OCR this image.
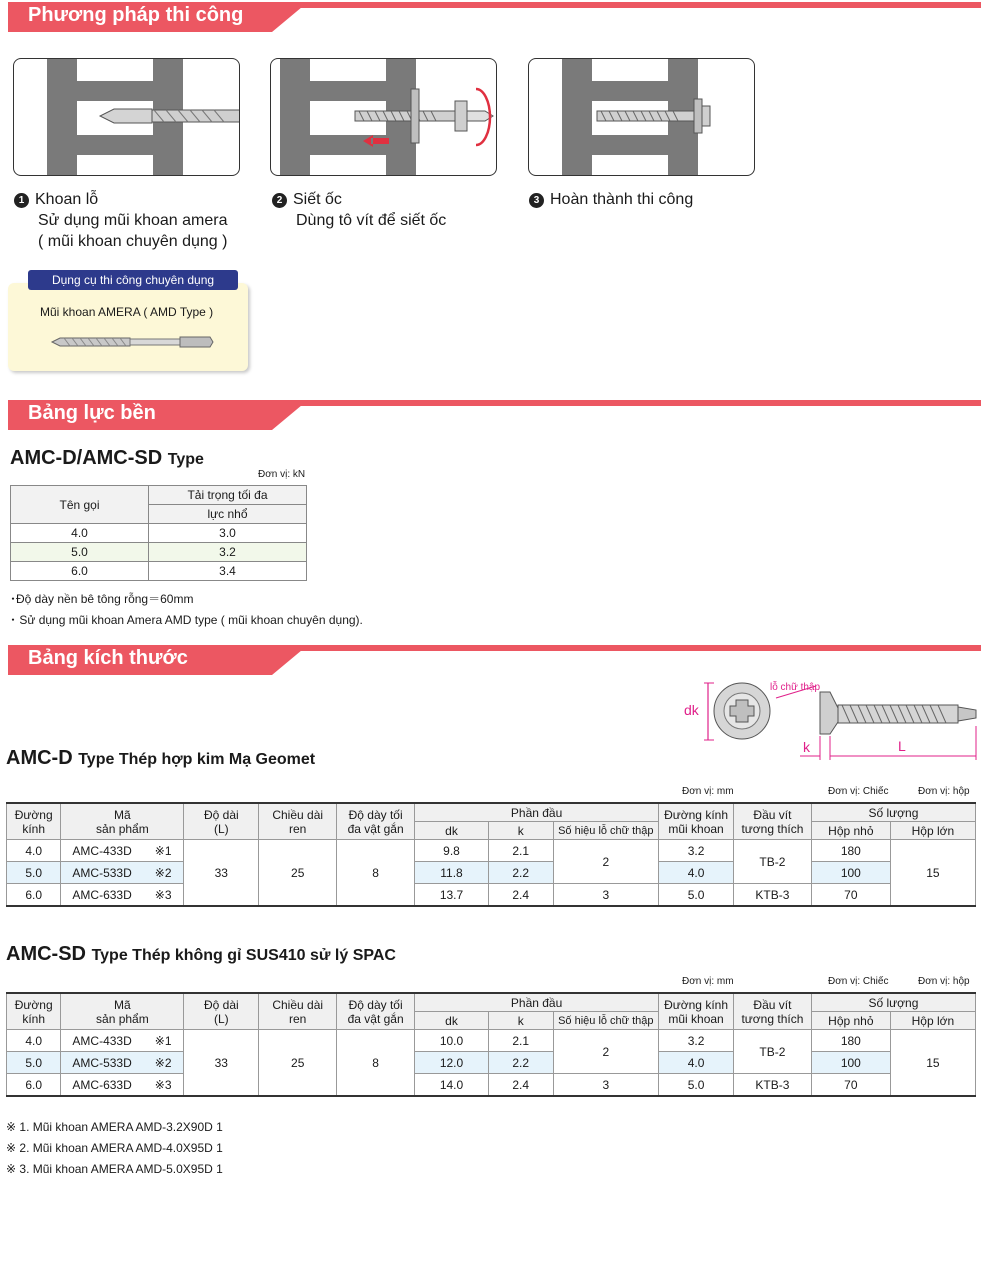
Phương pháp thi công
1 Khoan lỗ
Sử dụng mũi khoan amera
( mũi khoan chuyên dụng )
2 Siết ốc
Dùng tô vít để siết ốc
3 Hoàn thành thi công
Dụng cụ thi công chuyên dụng
Mũi khoan AMERA ( AMD Type )
Bảng lực bền
AMC-D/AMC-SD Type
Đơn vị: kN
Tên gọi	Tải trọng tối đa
	lực nhổ
4.0	3.0
5.0	3.2
6.0	3.4
･Độ dày nền bê tông rỗng＝60mm
･ Sử dụng mũi khoan Amera AMD type ( mũi khoan chuyên dụng).
Bảng kích thước
dk
lỗ chữ thập
k	L
AMC-D Type Thép hợp kim Mạ Geomet
Đơn vị: mm	Đơn vị: Chiếc	Đơn vị: hộp
Đường
kính	Mã
sản phẩm		Độ dài
(L)	Chiều dài
ren	Độ dày tối
đa vật gắn	Phần đầu			Đường kính
mũi khoan	Đầu vít
tương thích	Số lượng	
						dk	k	Số hiệu lỗ chữ thập			Hộp nhỏ	Hộp lớn
4.0	AMC-433D	※1	33	25	8	9.8	2.1	2	3.2	TB-2	180	15
5.0	AMC-533D	※2				11.8	2.2		4.0		100	
6.0	AMC-633D	※3				13.7	2.4	3	5.0	KTB-3	70	
AMC-SD Type Thép không gỉ SUS410 sử lý SPAC
Đơn vị: mm	Đơn vị: Chiếc	Đơn vị: hộp
Đường
kính	Mã
sản phẩm		Độ dài
(L)	Chiều dài
ren	Độ dày tối
đa vật gắn	Phần đầu			Đường kính
mũi khoan	Đầu vít
tương thích	Số lượng	
						dk	k	Số hiệu lỗ chữ thập			Hộp nhỏ	Hộp lớn
4.0	AMC-433D	※1	33	25	8	10.0	2.1	2	3.2	TB-2	180	15
5.0	AMC-533D	※2				12.0	2.2		4.0		100	
6.0	AMC-633D	※3				14.0	2.4	3	5.0	KTB-3	70	
※ 1. Mũi khoan AMERA AMD-3.2X90D 1
※ 2. Mũi khoan AMERA AMD-4.0X95D 1
※ 3. Mũi khoan AMERA AMD-5.0X95D 1
